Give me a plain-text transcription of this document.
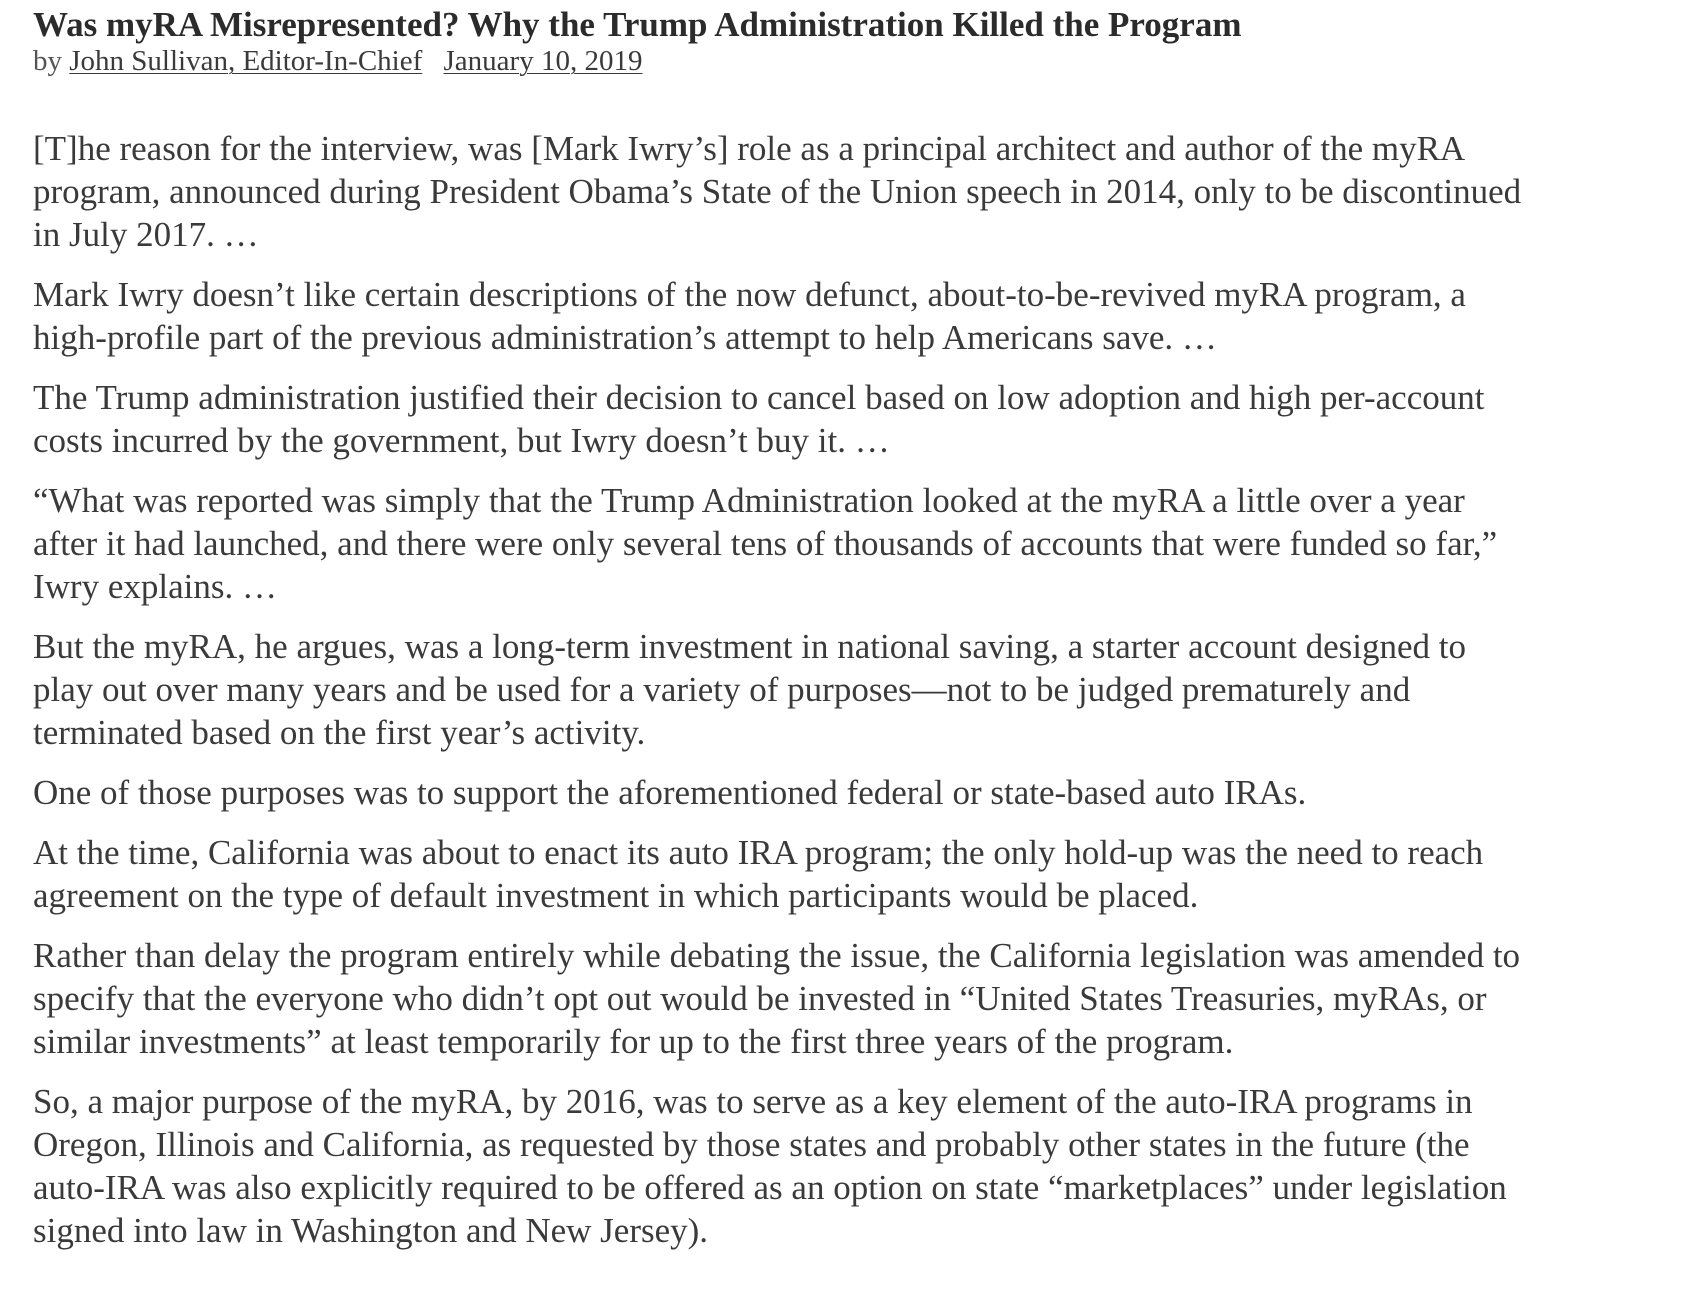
Was myRA Misrepresented? Why the Trump Administration Killed the Program
by John Sullivan, Editor-In-Chief January 10, 2019

[T]he reason for the interview, was [Mark Iwry’s] role as a principal architect and author of the myRA program, announced during President Obama’s State of the Union speech in 2014, only to be discontinued in July 2017. …

Mark Iwry doesn’t like certain descriptions of the now defunct, about-to-be-revived myRA program, a high-profile part of the previous administration’s attempt to help Americans save. …

The Trump administration justified their decision to cancel based on low adoption and high per-account costs incurred by the government, but Iwry doesn’t buy it. …

“What was reported was simply that the Trump Administration looked at the myRA a little over a year after it had launched, and there were only several tens of thousands of accounts that were funded so far,” Iwry explains. …

But the myRA, he argues, was a long-term investment in national saving, a starter account designed to play out over many years and be used for a variety of purposes—not to be judged prematurely and terminated based on the first year’s activity.

One of those purposes was to support the aforementioned federal or state-based auto IRAs.

At the time, California was about to enact its auto IRA program; the only hold-up was the need to reach agreement on the type of default investment in which participants would be placed.

Rather than delay the program entirely while debating the issue, the California legislation was amended to specify that the everyone who didn’t opt out would be invested in “United States Treasuries, myRAs, or similar investments” at least temporarily for up to the first three years of the program.

So, a major purpose of the myRA, by 2016, was to serve as a key element of the auto-IRA programs in Oregon, Illinois and California, as requested by those states and probably other states in the future (the auto-IRA was also explicitly required to be offered as an option on state “marketplaces” under legislation signed into law in Washington and New Jersey).
